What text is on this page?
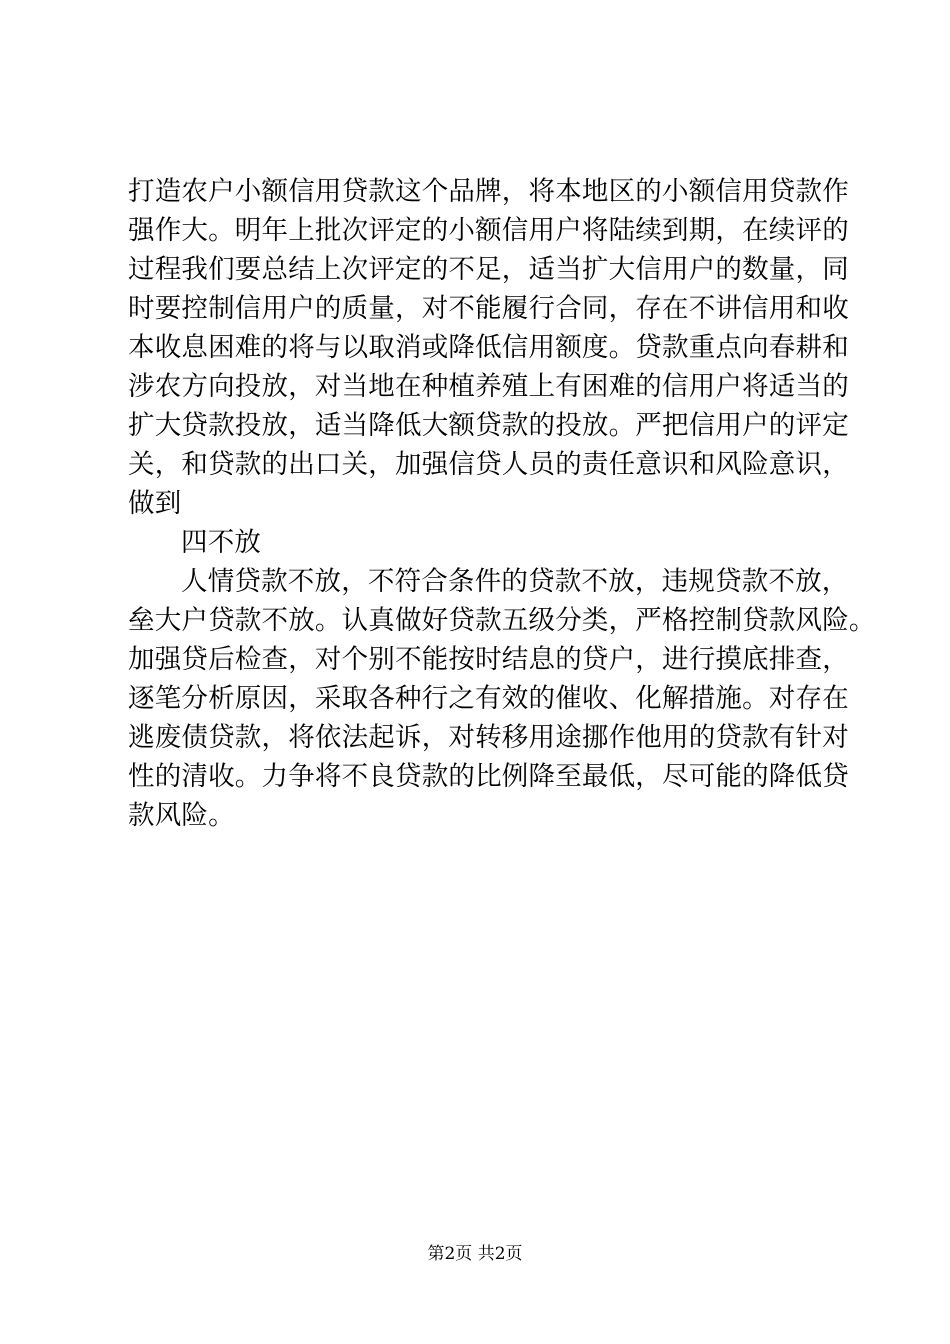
打造农户小额信用贷款这个品牌，将本地区的小额信用贷款作
强作大。明年上批次评定的小额信用户将陆续到期，在续评的
过程我们要总结上次评定的不足，适当扩大信用户的数量，同
时要控制信用户的质量，对不能履行合同，存在不讲信用和收
本收息困难的将与以取消或降低信用额度。贷款重点向春耕和
涉农方向投放，对当地在种植养殖上有困难的信用户将适当的
扩大贷款投放，适当降低大额贷款的投放。严把信用户的评定
关，和贷款的出口关，加强信贷人员的责任意识和风险意识，
做到
四不放
人情贷款不放，不符合条件的贷款不放，违规贷款不放，
垒大户贷款不放。认真做好贷款五级分类，严格控制贷款风险。
加强贷后检查，对个别不能按时结息的贷户，进行摸底排查，
逐笔分析原因，采取各种行之有效的催收、化解措施。对存在
逃废债贷款，将依法起诉，对转移用途挪作他用的贷款有针对
性的清收。力争将不良贷款的比例降至最低，尽可能的降低贷
款风险。
第2页 共2页
